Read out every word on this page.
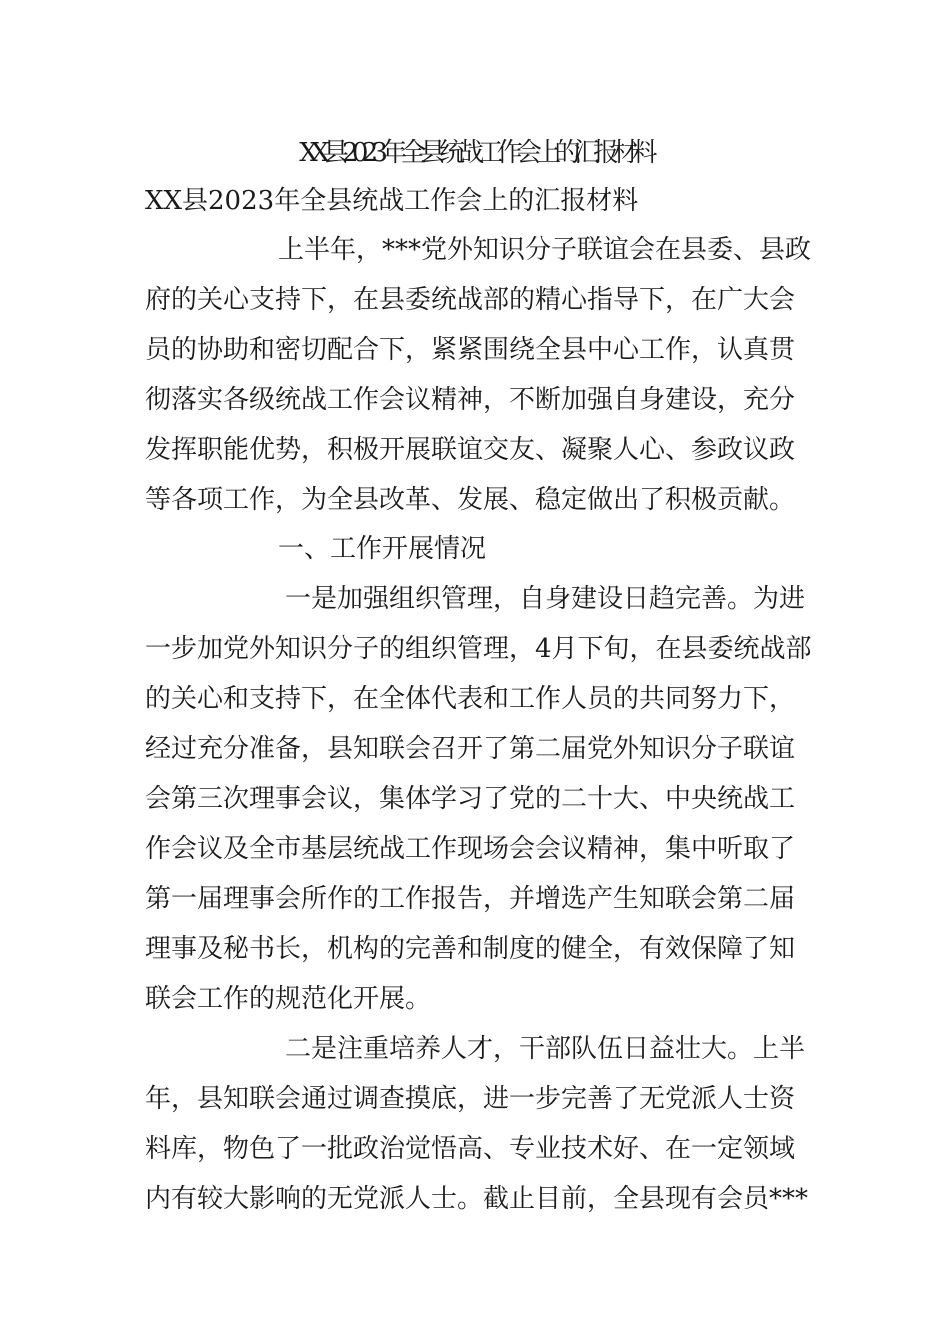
XX县2023年全县统战工作会上的汇报材料
XX县2023年全县统战工作会上的汇报材料
上半年，***党外知识分子联谊会在县委、县政
府的关心支持下，在县委统战部的精心指导下，在广大会
员的协助和密切配合下，紧紧围绕全县中心工作，认真贯
彻落实各级统战工作会议精神，不断加强自身建设，充分
发挥职能优势，积极开展联谊交友、凝聚人心、参政议政
等各项工作，为全县改革、发展、稳定做出了积极贡献。
一、工作开展情况
一是加强组织管理，自身建设日趋完善。为进
一步加党外知识分子的组织管理，4月下旬，在县委统战部
的关心和支持下，在全体代表和工作人员的共同努力下，
经过充分准备，县知联会召开了第二届党外知识分子联谊
会第三次理事会议，集体学习了党的二十大、中央统战工
作会议及全市基层统战工作现场会会议精神，集中听取了
第一届理事会所作的工作报告，并增选产生知联会第二届
理事及秘书长，机构的完善和制度的健全，有效保障了知
联会工作的规范化开展。
二是注重培养人才，干部队伍日益壮大。上半
年，县知联会通过调查摸底，进一步完善了无党派人士资
料库，物色了一批政治觉悟高、专业技术好、在一定领域
内有较大影响的无党派人士。截止目前，全县现有会员***
